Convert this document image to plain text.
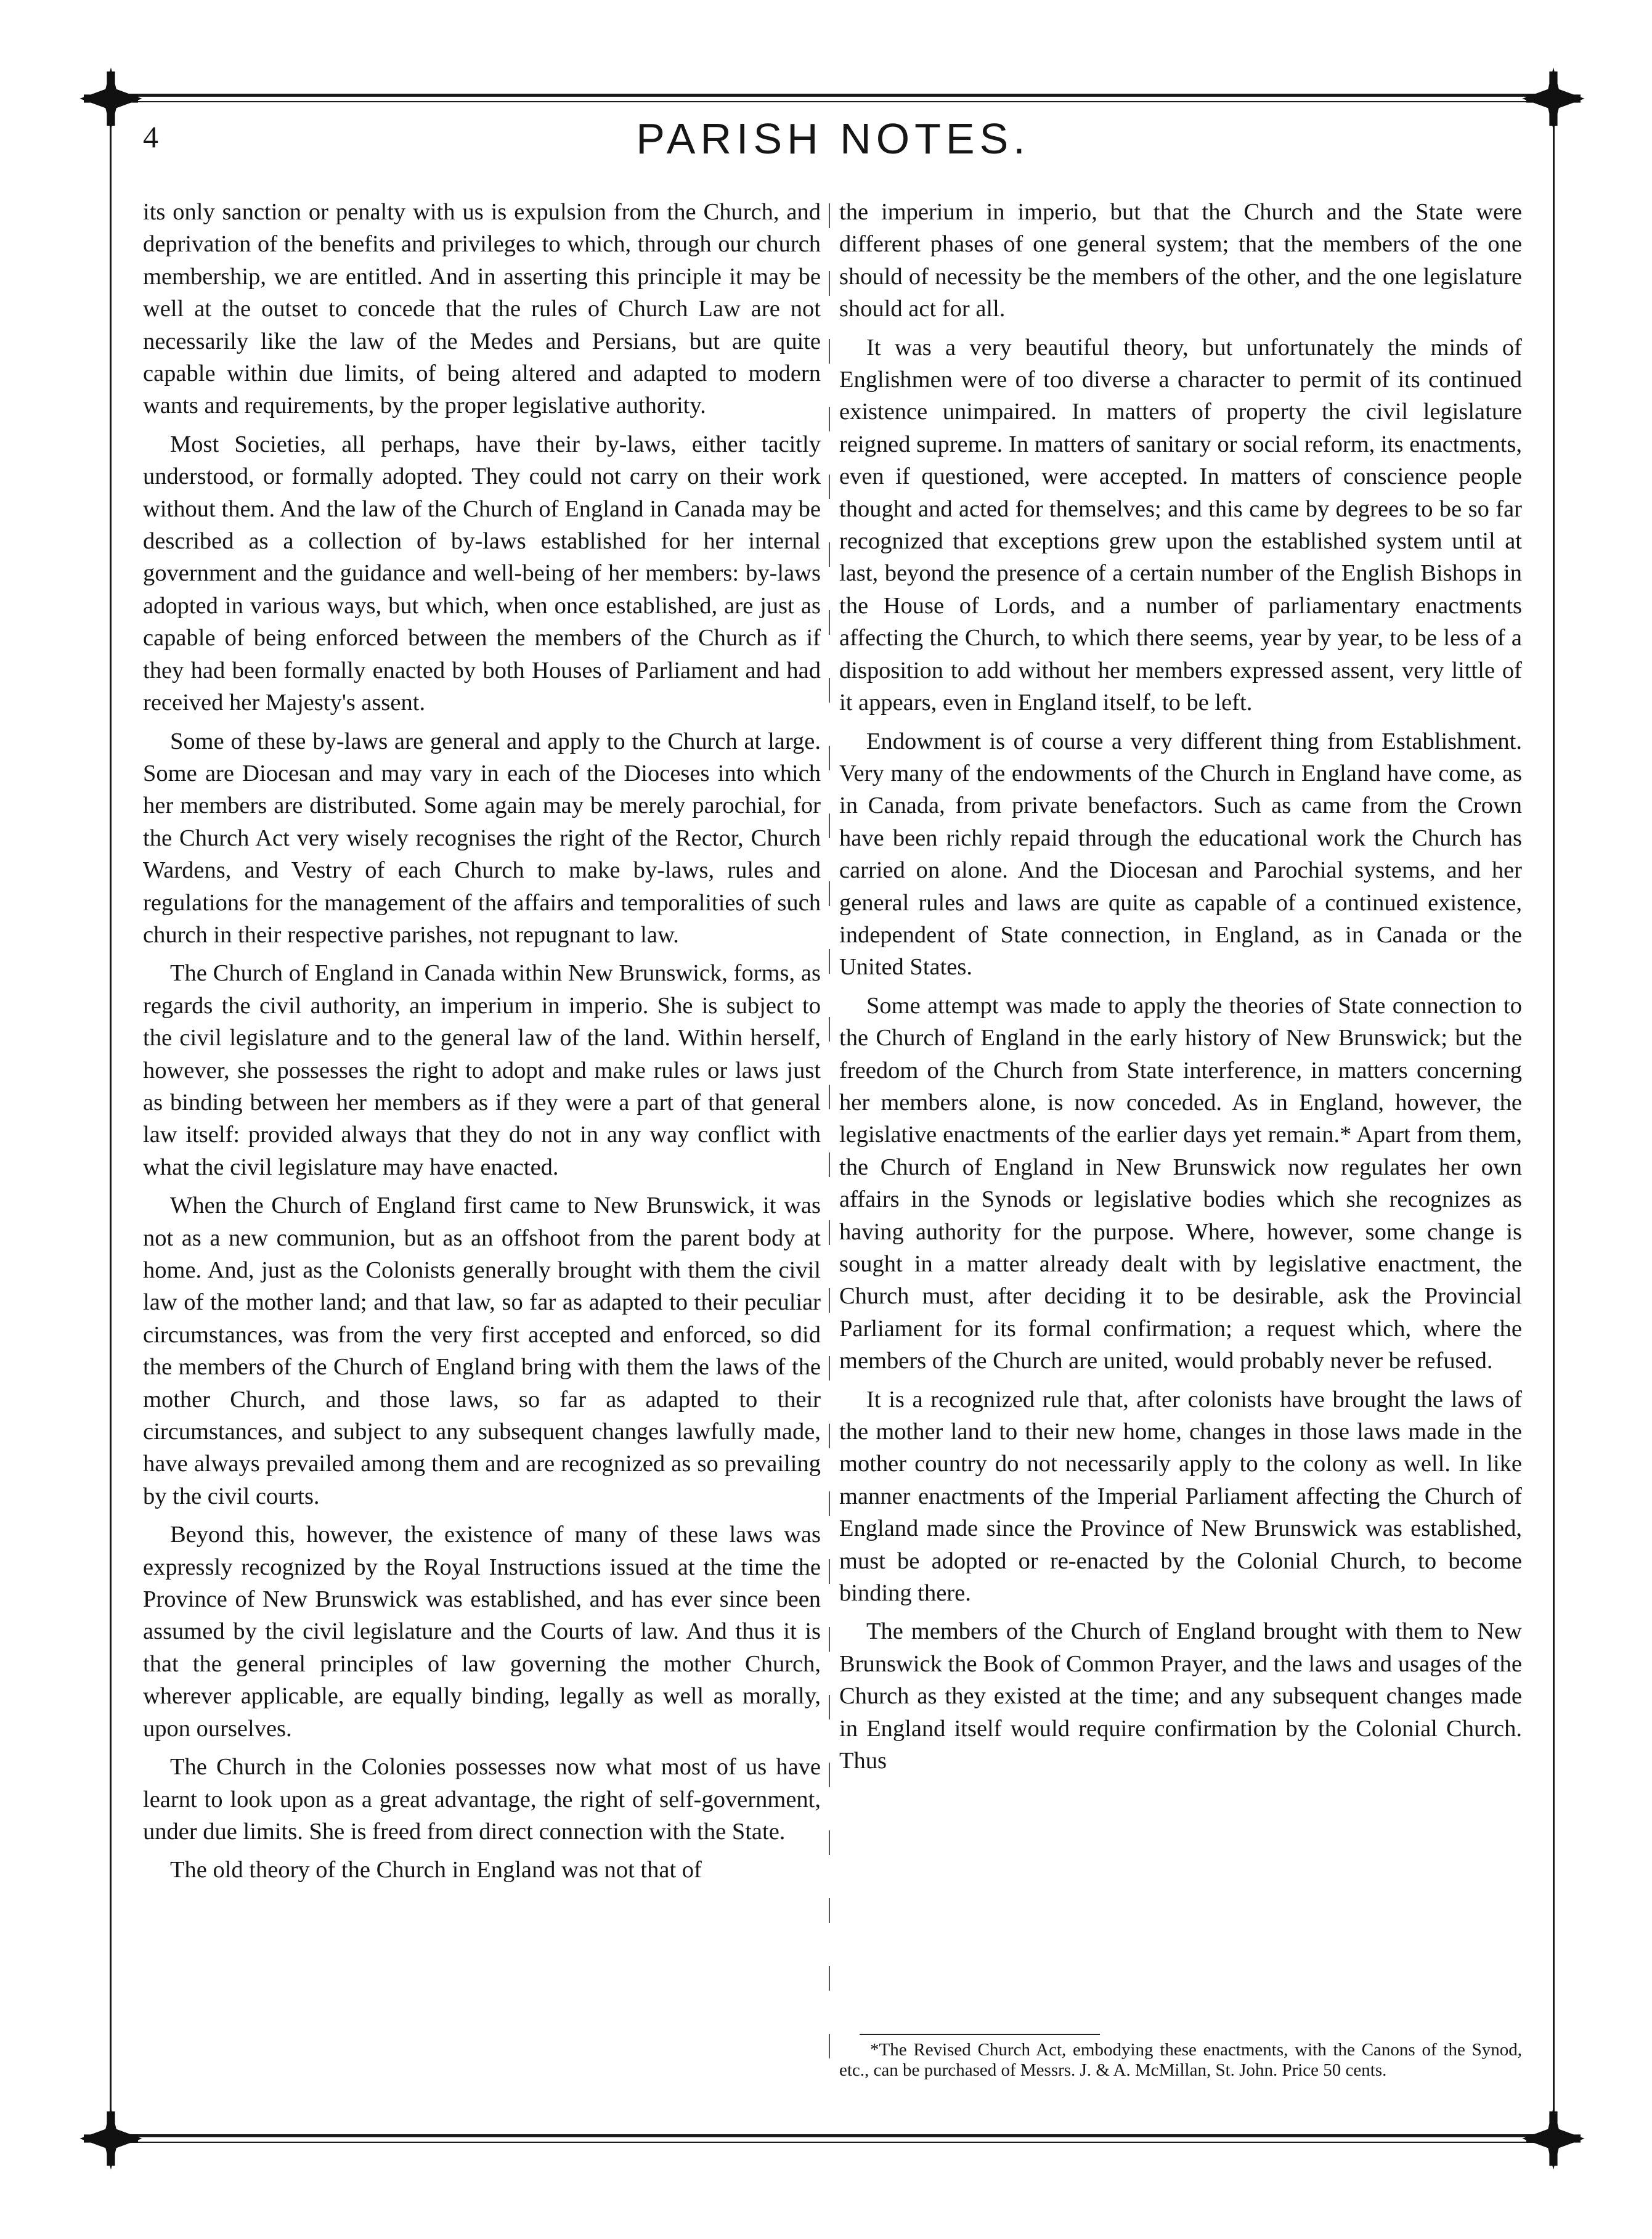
4	PARISH NOTES.

its only sanction or penalty with us is expulsion from the Church, and deprivation of the benefits and privileges to which, through our church membership, we are entitled. And in asserting this principle it may be well at the outset to concede that the rules of Church Law are not necessarily like the law of the Medes and Persians, but are quite capable within due limits, of being altered and adapted to modern wants and requirements, by the proper legislative authority.

Most Societies, all perhaps, have their by-laws, either tacitly understood, or formally adopted. They could not carry on their work without them. And the law of the Church of England in Canada may be described as a collection of by-laws established for her internal government and the guidance and well-being of her members: by-laws adopted in various ways, but which, when once established, are just as capable of being enforced between the members of the Church as if they had been formally enacted by both Houses of Parliament and had received her Majesty's assent.

Some of these by-laws are general and apply to the Church at large. Some are Diocesan and may vary in each of the Dioceses into which her members are distributed. Some again may be merely parochial, for the Church Act very wisely recognises the right of the Rector, Church Wardens, and Vestry of each Church to make by-laws, rules and regulations for the management of the affairs and temporalities of such church in their respective parishes, not repugnant to law.

The Church of England in Canada within New Brunswick, forms, as regards the civil authority, an imperium in imperio. She is subject to the civil legislature and to the general law of the land. Within herself, however, she possesses the right to adopt and make rules or laws just as binding between her members as if they were a part of that general law itself: provided always that they do not in any way conflict with what the civil legislature may have enacted.

When the Church of England first came to New Brunswick, it was not as a new communion, but as an offshoot from the parent body at home. And, just as the Colonists generally brought with them the civil law of the mother land; and that law, so far as adapted to their peculiar circumstances, was from the very first accepted and enforced, so did the members of the Church of England bring with them the laws of the mother Church, and those laws, so far as adapted to their circumstances, and subject to any subsequent changes lawfully made, have always prevailed among them and are recognized as so prevailing by the civil courts.

Beyond this, however, the existence of many of these laws was expressly recognized by the Royal Instructions issued at the time the Province of New Brunswick was established, and has ever since been assumed by the civil legislature and the Courts of law. And thus it is that the general principles of law governing the mother Church, wherever applicable, are equally binding, legally as well as morally, upon ourselves.

The Church in the Colonies possesses now what most of us have learnt to look upon as a great advantage, the right of self-government, under due limits. She is freed from direct connection with the State.

The old theory of the Church in England was not that of

the imperium in imperio, but that the Church and the State were different phases of one general system; that the members of the one should of necessity be the members of the other, and the one legislature should act for all.

It was a very beautiful theory, but unfortunately the minds of Englishmen were of too diverse a character to permit of its continued existence unimpaired. In matters of property the civil legislature reigned supreme. In matters of sanitary or social reform, its enactments, even if questioned, were accepted. In matters of conscience people thought and acted for themselves; and this came by degrees to be so far recognized that exceptions grew upon the established system until at last, beyond the presence of a certain number of the English Bishops in the House of Lords, and a number of parliamentary enactments affecting the Church, to which there seems, year by year, to be less of a disposition to add without her members expressed assent, very little of it appears, even in England itself, to be left.

Endowment is of course a very different thing from Establishment. Very many of the endowments of the Church in England have come, as in Canada, from private benefactors. Such as came from the Crown have been richly repaid through the educational work the Church has carried on alone. And the Diocesan and Parochial systems, and her general rules and laws are quite as capable of a continued existence, independent of State connection, in England, as in Canada or the United States.

Some attempt was made to apply the theories of State connection to the Church of England in the early history of New Brunswick; but the freedom of the Church from State interference, in matters concerning her members alone, is now conceded. As in England, however, the legislative enactments of the earlier days yet remain.* Apart from them, the Church of England in New Brunswick now regulates her own affairs in the Synods or legislative bodies which she recognizes as having authority for the purpose. Where, however, some change is sought in a matter already dealt with by legislative enactment, the Church must, after deciding it to be desirable, ask the Provincial Parliament for its formal confirmation; a request which, where the members of the Church are united, would probably never be refused.

It is a recognized rule that, after colonists have brought the laws of the mother land to their new home, changes in those laws made in the mother country do not necessarily apply to the colony as well. In like manner enactments of the Imperial Parliament affecting the Church of England made since the Province of New Brunswick was established, must be adopted or re-enacted by the Colonial Church, to become binding there.

The members of the Church of England brought with them to New Brunswick the Book of Common Prayer, and the laws and usages of the Church as they existed at the time; and any subsequent changes made in England itself would require confirmation by the Colonial Church. Thus

*The Revised Church Act, embodying these enactments, with the Canons of the Synod, etc., can be purchased of Messrs. J. & A. McMillan, St. John. Price 50 cents.
